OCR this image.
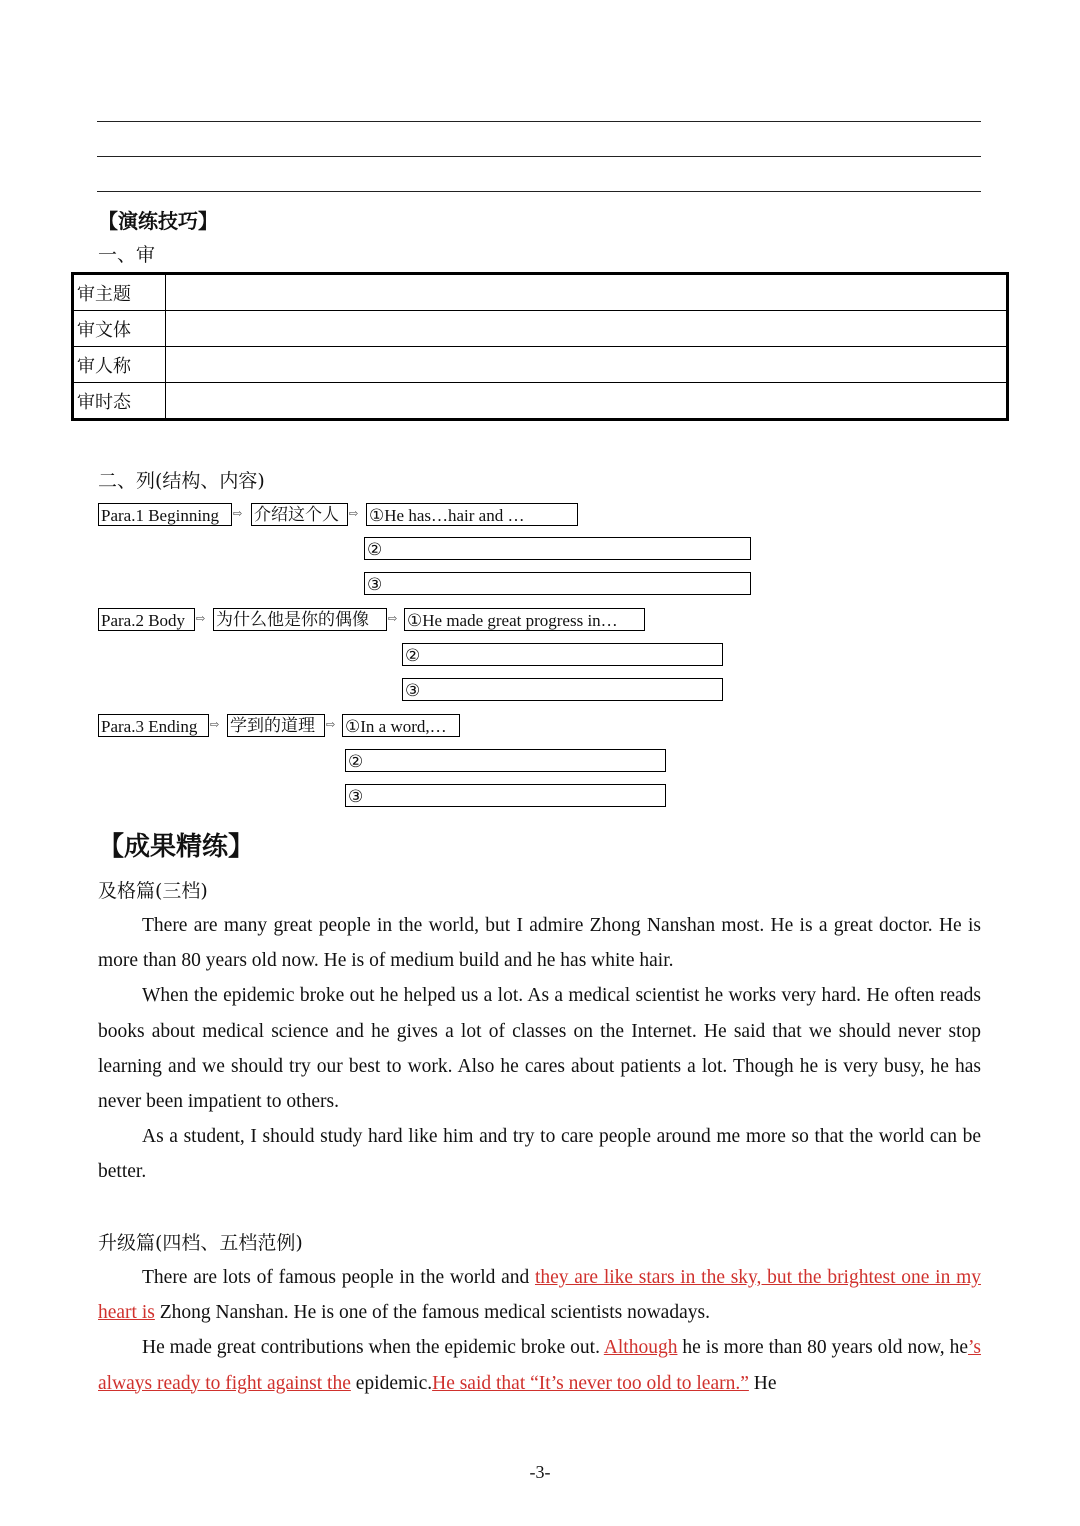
【演练技巧】
一、审
审主题	
审文体	
审人称	
审时态	
二、列(结构、内容)
Para.1 Beginning	⇨ 介绍这个人 ⇨ ①He has…hair and …
②
③
Para.2 Body ⇨ 为什么他是你的偶像	⇨ ①He made great progress in…
②
③
Para.3 Ending	⇨ 学到的道理	⇨ ①In a word,…
②
③
【成果精练】
及格篇(三档)

There are many great people in the world, but I admire Zhong Nanshan most. He is a great doctor. He is more than 80 years old now. He is of medium build and he has white hair.

When the epidemic broke out he helped us a lot. As a medical scientist he works very hard. He often reads books about medical science and he gives a lot of classes on the Internet. He said that we should never stop learning and we should try our best to work. Also he cares about patients a lot. Though he is very busy, he has never been impatient to others.

As a student, I should study hard like him and try to care people around me more so that the world can be better.

升级篇(四档、五档范例)

There are lots of famous people in the world and they are like stars in the sky, but the brightest one in my heart is Zhong Nanshan. He is one of the famous medical scientists nowadays.

He made great contributions when the epidemic broke out. Although he is more than 80 years old now, he’s always ready to fight against the epidemic.He said that “It’s never too old to learn.” He

-3-
